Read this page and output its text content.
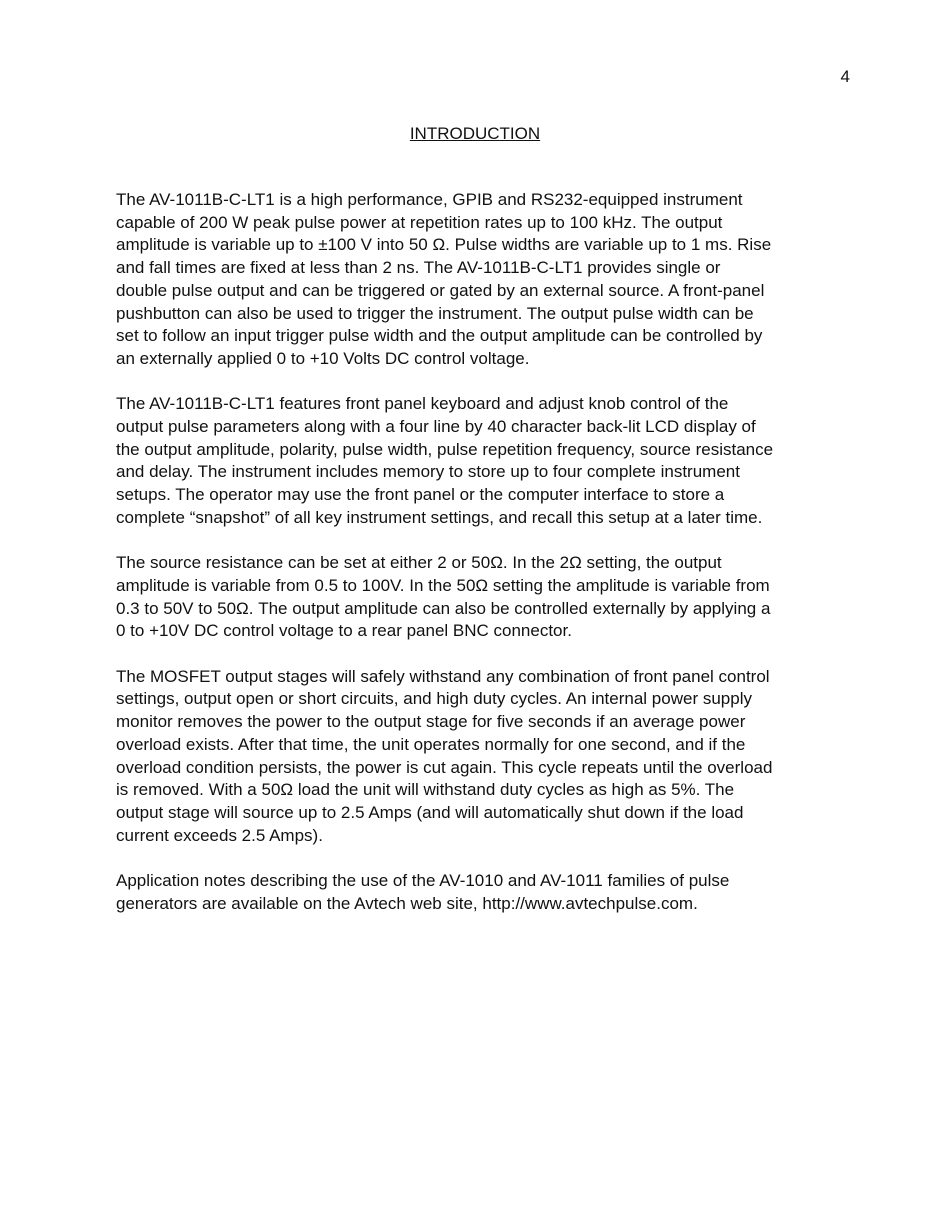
4
INTRODUCTION

The AV-1011B-C-LT1 is a high performance, GPIB and RS232-equipped instrument
capable of 200 W peak pulse power at repetition rates up to 100 kHz. The output
amplitude is variable up to ±100 V into 50 Ω. Pulse widths are variable up to 1 ms. Rise
and fall times are fixed at less than 2 ns. The AV-1011B-C-LT1 provides single or
double pulse output and can be triggered or gated by an external source. A front-panel
pushbutton can also be used to trigger the instrument. The output pulse width can be
set to follow an input trigger pulse width and the output amplitude can be controlled by
an externally applied 0 to +10 Volts DC control voltage.

The AV-1011B-C-LT1 features front panel keyboard and adjust knob control of the
output pulse parameters along with a four line by 40 character back-lit LCD display of
the output amplitude, polarity, pulse width, pulse repetition frequency, source resistance
and delay. The instrument includes memory to store up to four complete instrument
setups. The operator may use the front panel or the computer interface to store a
complete “snapshot” of all key instrument settings, and recall this setup at a later time.

The source resistance can be set at either 2 or 50Ω. In the 2Ω setting, the output
amplitude is variable from 0.5 to 100V. In the 50Ω setting the amplitude is variable from
0.3 to 50V to 50Ω. The output amplitude can also be controlled externally by applying a
0 to +10V DC control voltage to a rear panel BNC connector.

The MOSFET output stages will safely withstand any combination of front panel control
settings, output open or short circuits, and high duty cycles. An internal power supply
monitor removes the power to the output stage for five seconds if an average power
overload exists. After that time, the unit operates normally for one second, and if the
overload condition persists, the power is cut again. This cycle repeats until the overload
is removed. With a 50Ω load the unit will withstand duty cycles as high as 5%. The
output stage will source up to 2.5 Amps (and will automatically shut down if the load
current exceeds 2.5 Amps).

Application notes describing the use of the AV-1010 and AV-1011 families of pulse
generators are available on the Avtech web site, http://www.avtechpulse.com.
